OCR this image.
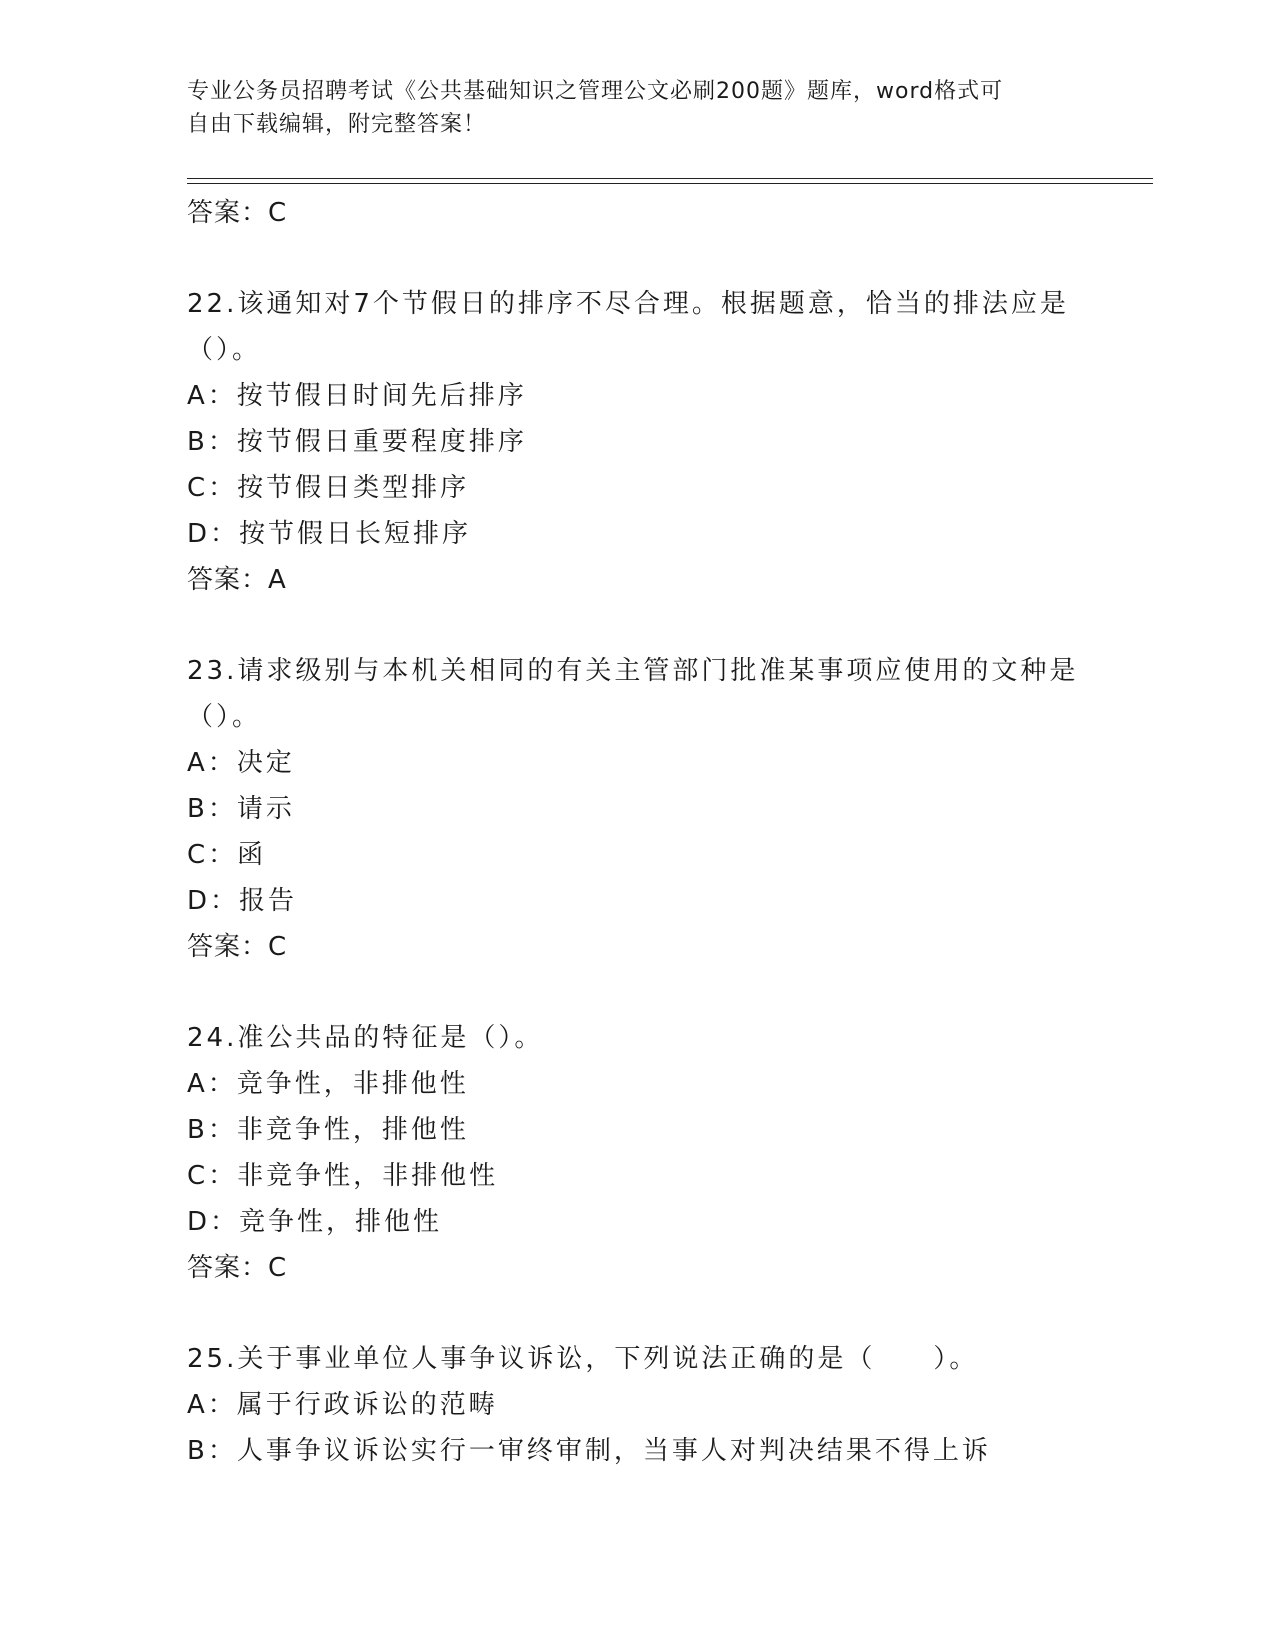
专业公务员招聘考试《公共基础知识之管理公文必刷200题》题库，word格式可
自由下载编辑，附完整答案！
答案：C
22.该通知对7个节假日的排序不尽合理。根据题意，恰当的排法应是
（）。
A：按节假日时间先后排序
B：按节假日重要程度排序
C：按节假日类型排序
D：按节假日长短排序
答案：A
23.请求级别与本机关相同的有关主管部门批准某事项应使用的文种是
（）。
A：决定
B：请示
C：函
D：报告
答案：C
24.准公共品的特征是（）。
A：竞争性，非排他性
B：非竞争性，排他性
C：非竞争性，非排他性
D：竞争性，排他性
答案：C
25.关于事业单位人事争议诉讼，下列说法正确的是（　　）。
A：属于行政诉讼的范畴
B：人事争议诉讼实行一审终审制，当事人对判决结果不得上诉
